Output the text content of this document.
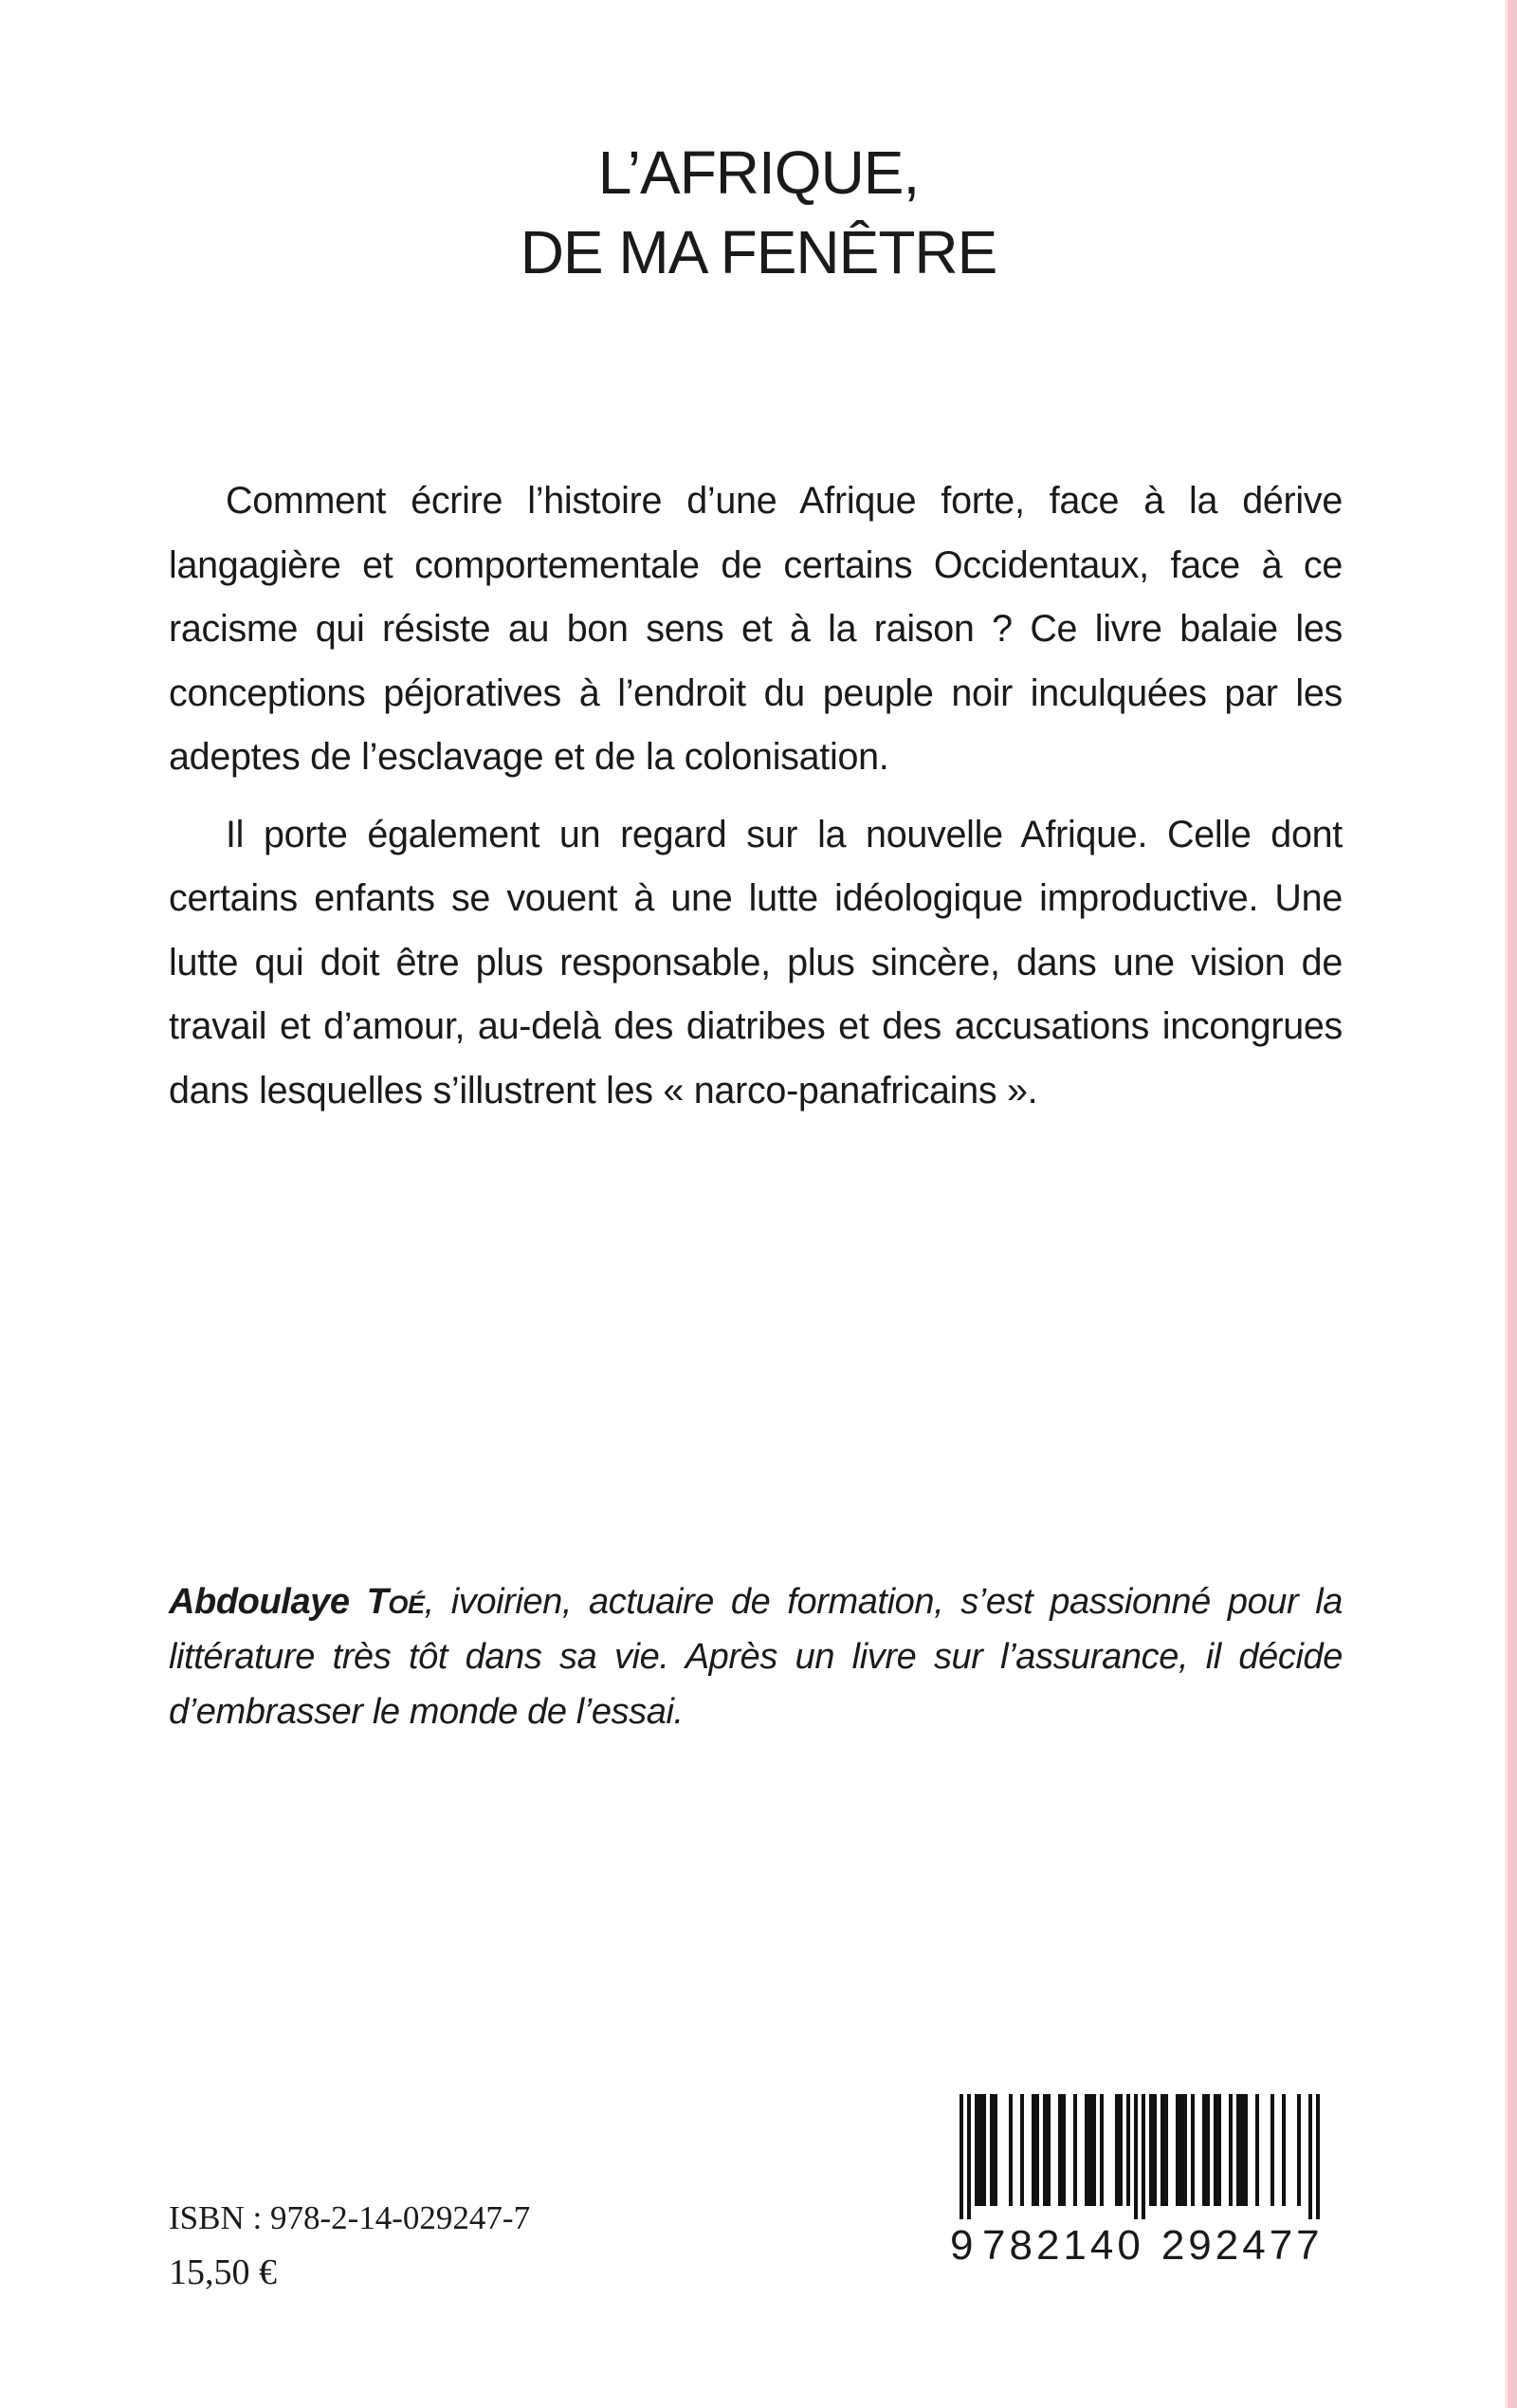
L’AFRIQUE,
DE MA FENÊTRE

Comment écrire l’histoire d’une Afrique forte, face à la dérive langagière et comportementale de certains Occidentaux, face à ce racisme qui résiste au bon sens et à la raison ? Ce livre balaie les conceptions péjoratives à l’endroit du peuple noir inculquées par les adeptes de l’esclavage et de la colonisation.

Il porte également un regard sur la nouvelle Afrique. Celle dont certains enfants se vouent à une lutte idéologique improductive. Une lutte qui doit être plus responsable, plus sincère, dans une vision de travail et d’amour, au-delà des diatribes et des accusations incongrues dans lesquelles s’illustrent les « narco-panafricains ».

Abdoulaye Toé, ivoirien, actuaire de formation, s’est passionné pour la littérature très tôt dans sa vie. Après un livre sur l’assurance, il décide d’embrasser le monde de l’essai.

ISBN : 978-2-14-029247-7
15,50 €
9 782140 292477
